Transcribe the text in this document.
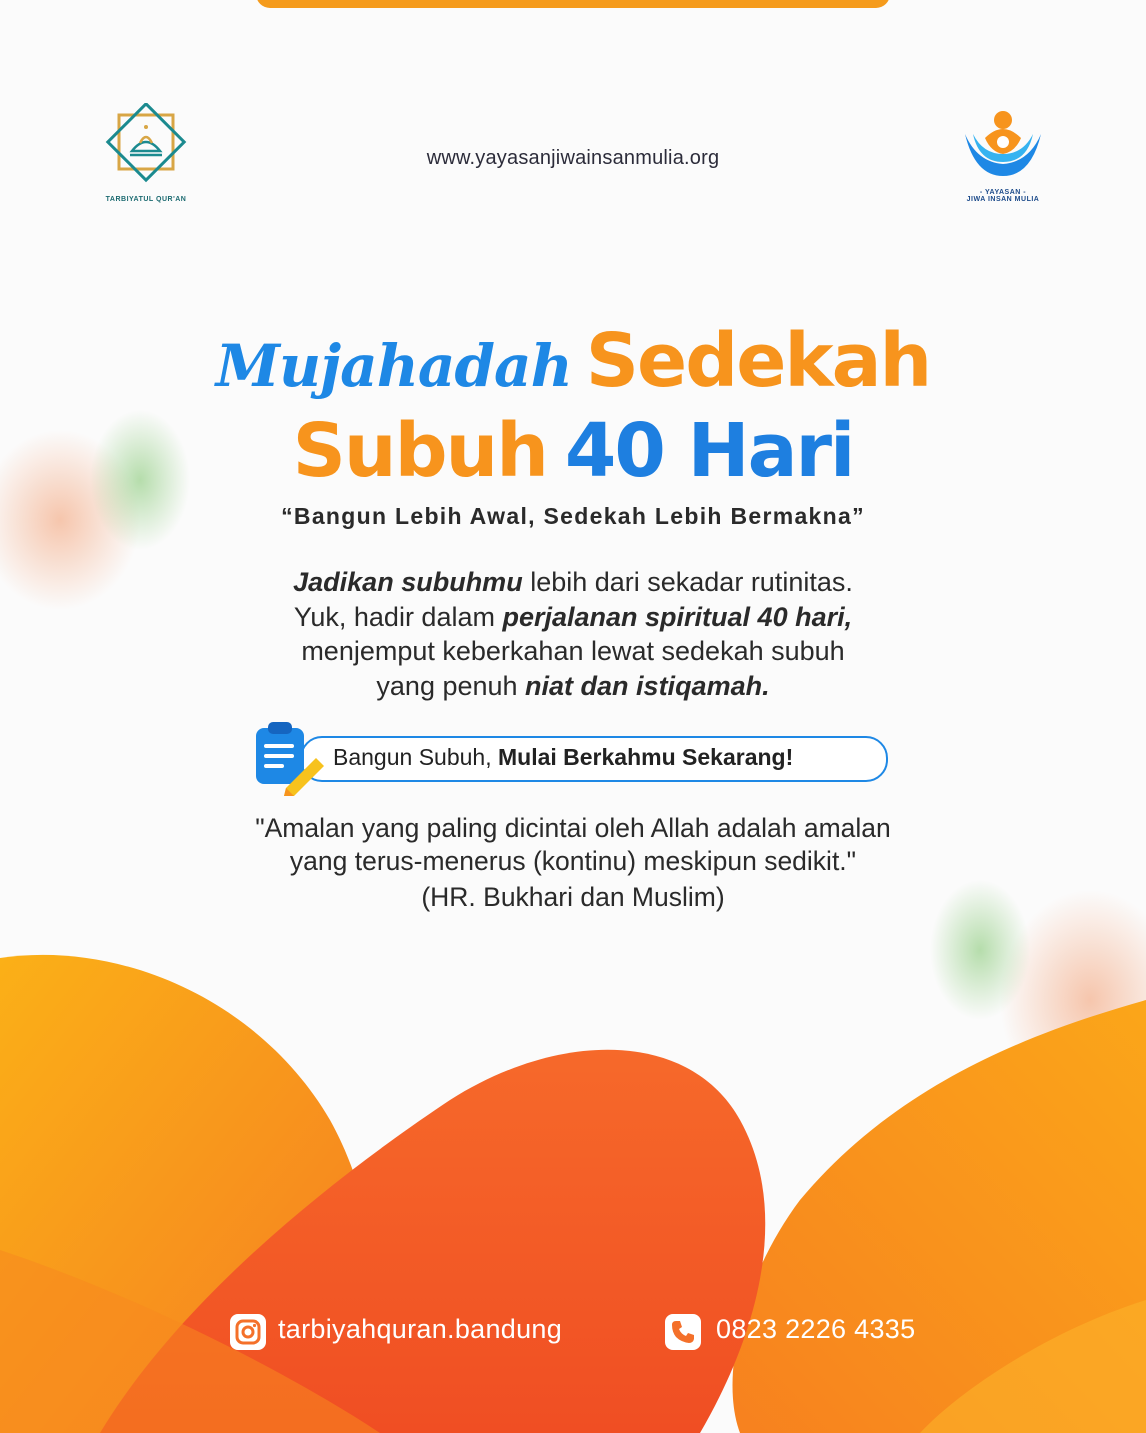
TARBIYATUL QUR'AN
www.yayasanjiwainsanmulia.org
- YAYASAN -
JIWA INSAN MULIA
Mujahadah Sedekah
Subuh 40 Hari
“Bangun Lebih Awal, Sedekah Lebih Bermakna”
Jadikan subuhmu lebih dari sekadar rutinitas.
Yuk, hadir dalam perjalanan spiritual 40 hari,
menjemput keberkahan lewat sedekah subuh
yang penuh niat dan istiqamah.
Bangun Subuh, Mulai Berkahmu Sekarang!
"Amalan yang paling dicintai oleh Allah adalah amalan
yang terus-menerus (kontinu) meskipun sedikit."
(HR. Bukhari dan Muslim)
tarbiyahquran.bandung	0823 2226 4335
